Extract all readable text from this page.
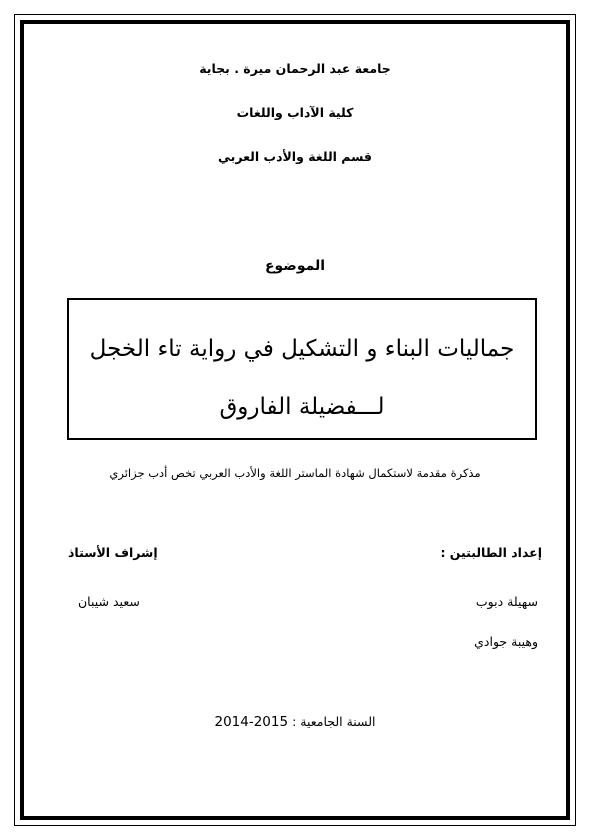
جامعة عبد الرحمان ميرة . بجاية
كلية الآداب واللغات
قسم اللغة والأدب العربي
الموضوع
جماليات البناء و التشكيل في رواية تاء الخجل
لـــفضيلة الفاروق
مذكرة مقدمة لاستكمال شهادة الماستر اللغة والأدب العربي تخص أدب جزائري
إعداد الطالبتين :
إشراف الأستاذ
سهيلة دبوب
سعيد شيبان
وهيبة جوادي
السنة الجامعية : 2014-2015
